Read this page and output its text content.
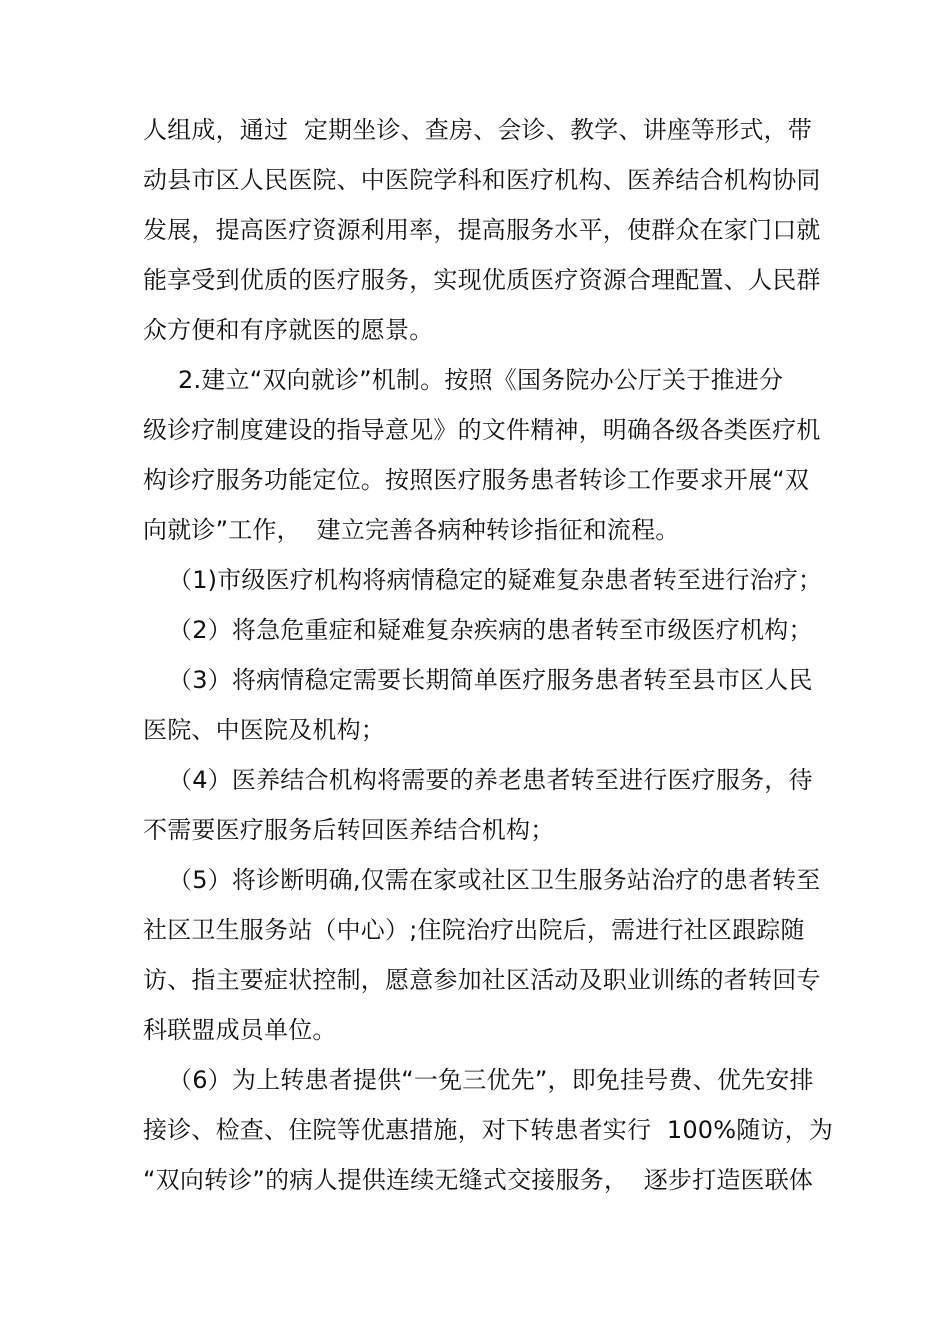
人组成，通过  定期坐诊、查房、会诊、教学、讲座等形式，带
动县市区人民医院、中医院学科和医疗机构、医养结合机构协同
发展，提高医疗资源利用率，提高服务水平，使群众在家门口就
能享受到优质的医疗服务，实现优质医疗资源合理配置、人民群
众方便和有序就医的愿景。
2.建立“双向就诊”机制。按照《国务院办公厅关于推进分
级诊疗制度建设的指导意见》的文件精神，明确各级各类医疗机
构诊疗服务功能定位。按照医疗服务患者转诊工作要求开展“双
向就诊”工作，  建立完善各病种转诊指征和流程。
（1)市级医疗机构将病情稳定的疑难复杂患者转至进行治疗；
（2）将急危重症和疑难复杂疾病的患者转至市级医疗机构；
（3）将病情稳定需要长期简单医疗服务患者转至县市区人民
医院、中医院及机构；
（4）医养结合机构将需要的养老患者转至进行医疗服务，待
不需要医疗服务后转回医养结合机构；
（5）将诊断明确,仅需在家或社区卫生服务站治疗的患者转至
社区卫生服务站（中心）;住院治疗出院后，需进行社区跟踪随
访、指主要症状控制，愿意参加社区活动及职业训练的者转回专
科联盟成员单位。
（6）为上转患者提供“一免三优先”，即免挂号费、优先安排
接诊、检查、住院等优惠措施，对下转患者实行  100%随访，为
“双向转诊”的病人提供连续无缝式交接服务，  逐步打造医联体
